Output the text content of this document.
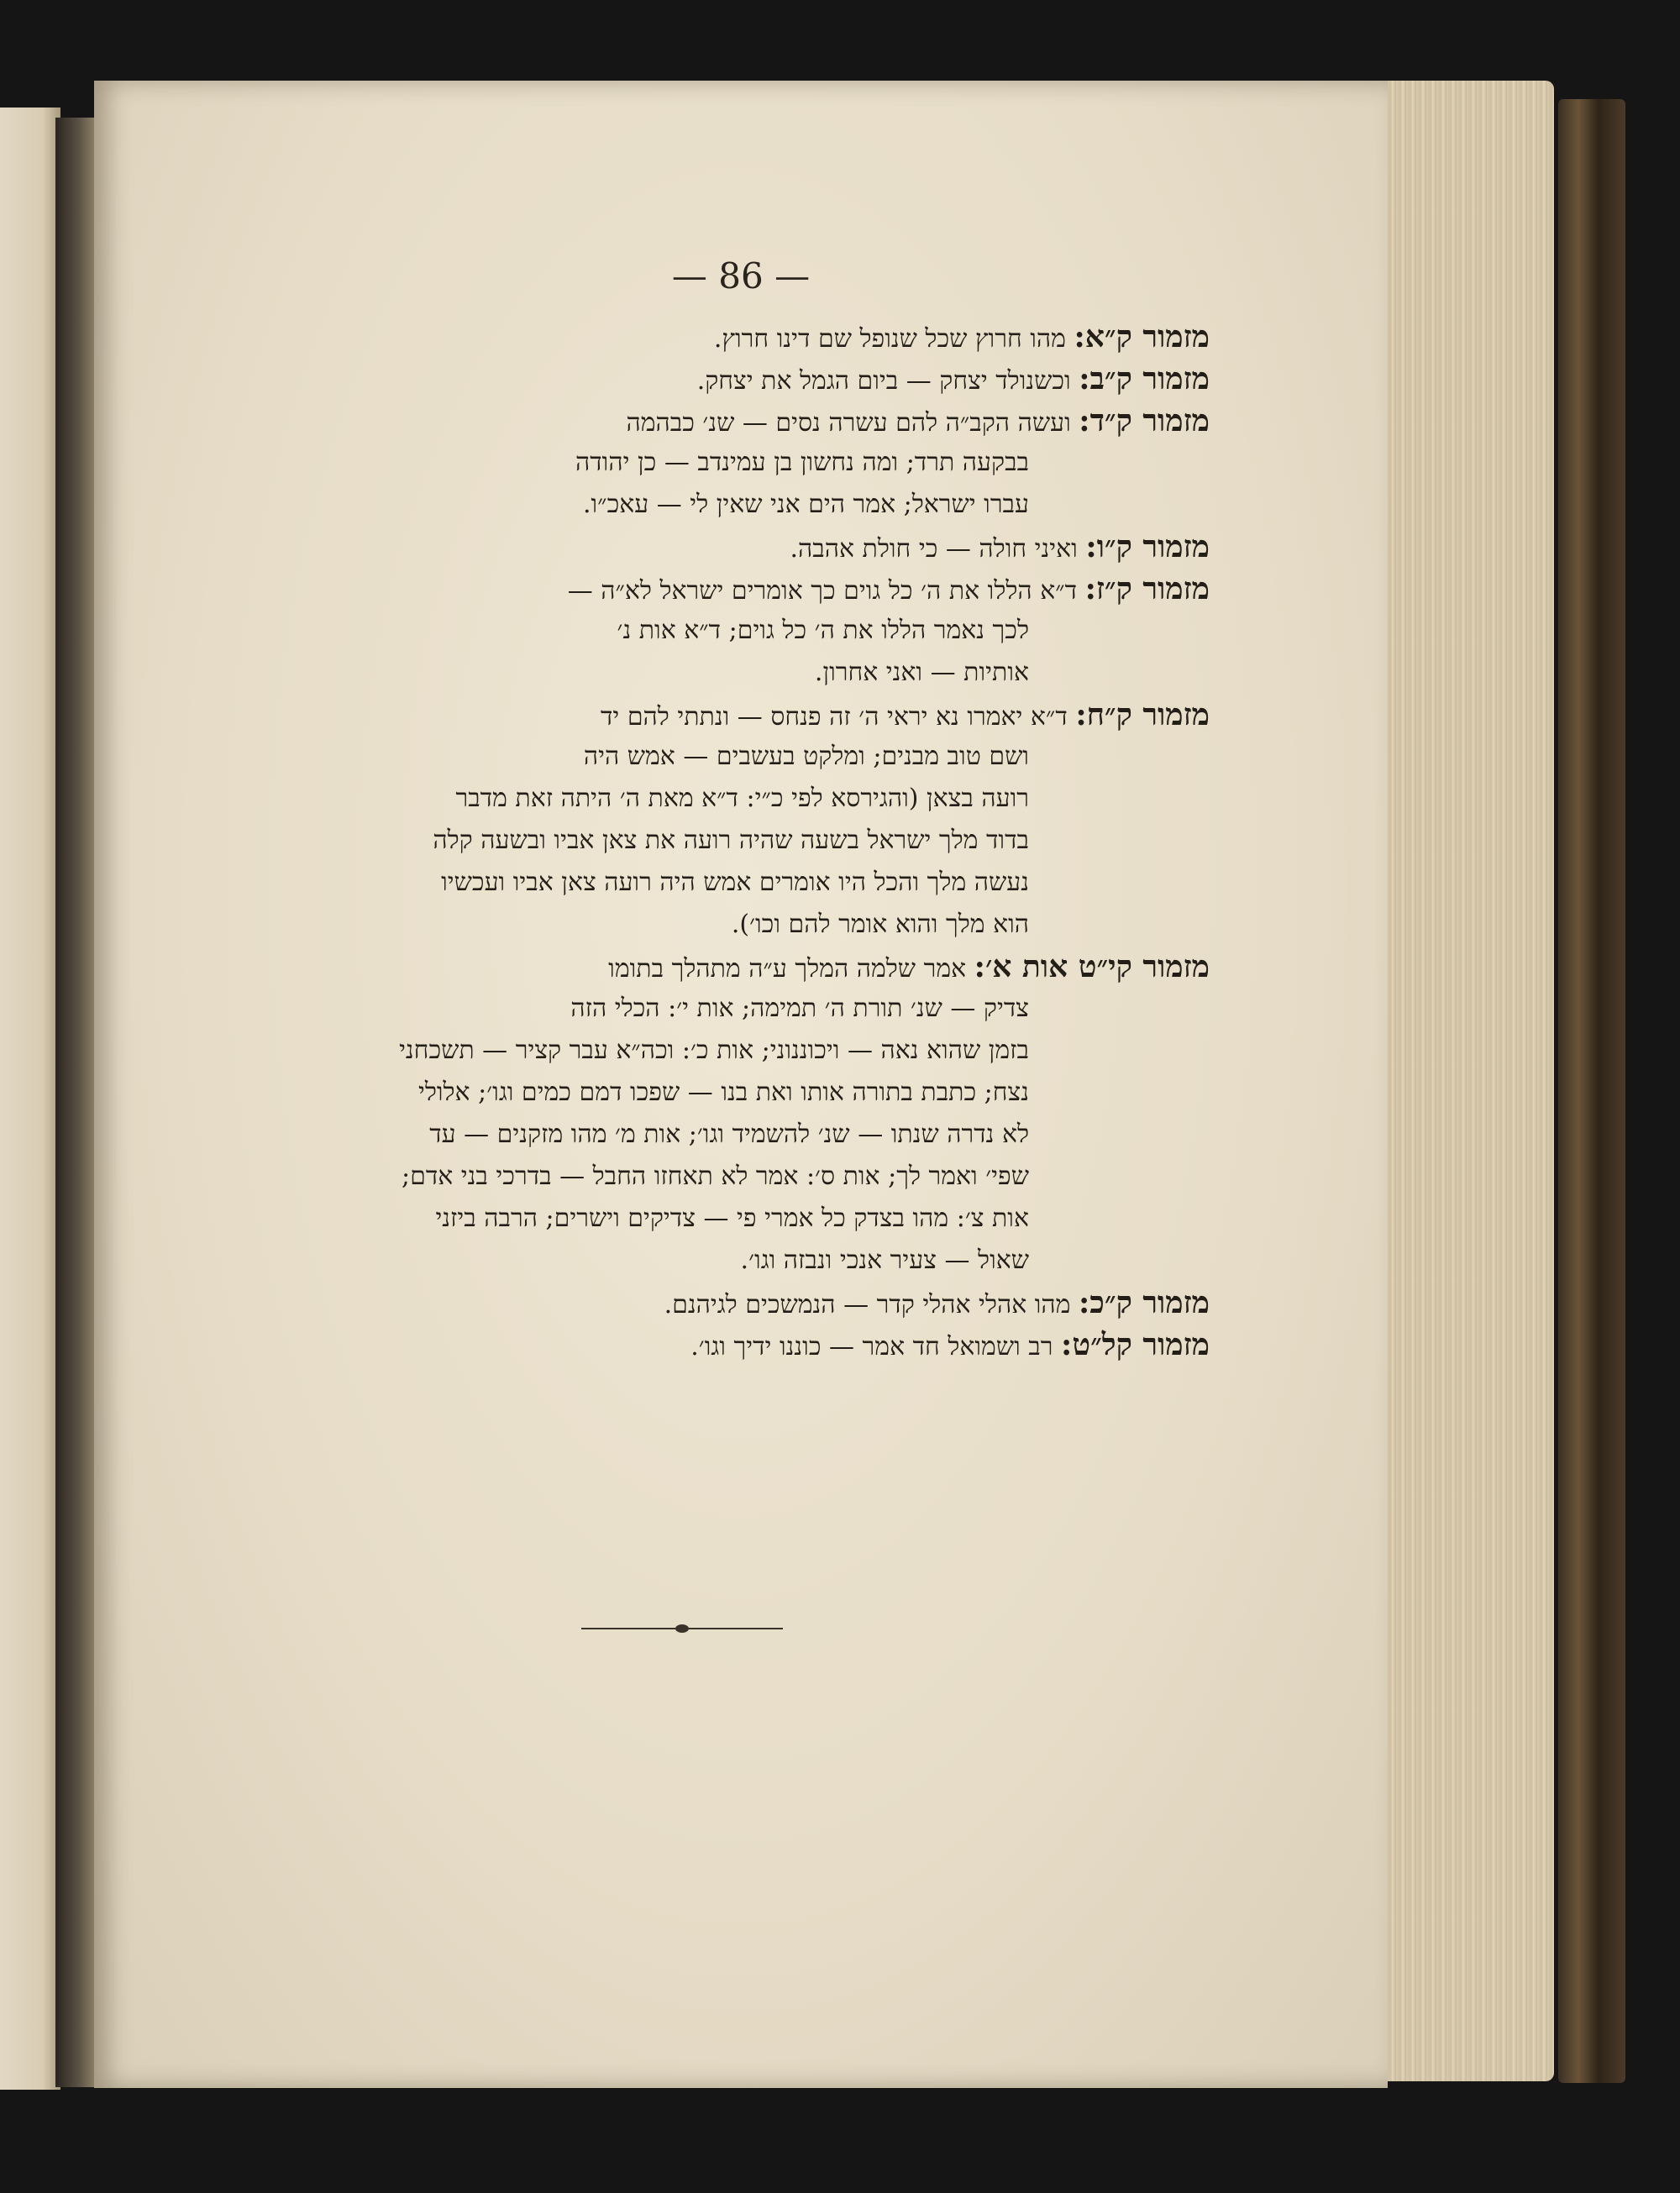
— 86 —
מזמור ק״א: מהו חרוץ שכל שנופל שם דינו חרוץ.
מזמור ק״ב: וכשנולד יצחק — ביום הגמל את יצחק.
מזמור ק״ד: ועשה הקב״ה להם עשרה נסים — שנ׳ כבהמה
בבקעה תרד; ומה נחשון בן עמינדב — כן יהודה
עברו ישראל; אמר הים אני שאין לי — עאכ״ו.
מזמור ק״ו: ואיני חולה — כי חולת אהבה.
מזמור ק״ז: ד״א הללו את ה׳ כל גוים כך אומרים ישראל לא״ה —
לכך נאמר הללו את ה׳ כל גוים; ד״א אות נ׳
אותיות — ואני אחרון.
מזמור ק״ח: ד״א יאמרו נא יראי ה׳ זה פנחס — ונתתי להם יד
ושם טוב מבנים; ומלקט בעשבים — אמש היה
רועה בצאן (והגירסא לפי כ״י: ד״א מאת ה׳ היתה זאת מדבר
בדוד מלך ישראל בשעה שהיה רועה את צאן אביו ובשעה קלה
נעשה מלך והכל היו אומרים אמש היה רועה צאן אביו ועכשיו
הוא מלך והוא אומר להם וכו׳).
מזמור קי״ט אות א׳: אמר שלמה המלך ע״ה מתהלך בתומו
צדיק — שנ׳ תורת ה׳ תמימה; אות י׳: הכלי הזה
בזמן שהוא נאה — ויכוננוני; אות כ׳: וכה״א עבר קציר — תשכחני
נצח; כתבת בתורה אותו ואת בנו — שפכו דמם כמים וגו׳; אלולי
לא נדרה שנתו — שנ׳ להשמיד וגו׳; אות מ׳ מהו מזקנים — עד
שפי׳ ואמר לך; אות ס׳: אמר לא תאחזו החבל — בדרכי בני אדם;
אות צ׳: מהו בצדק כל אמרי פי — צדיקים וישרים; הרבה ביזני
שאול — צעיר אנכי ונבזה וגו׳.
מזמור ק״כ: מהו אהלי אהלי קדר — הנמשכים לגיהנם.
מזמור קל״ט: רב ושמואל חד אמר — כוננו ידיך וגו׳.
